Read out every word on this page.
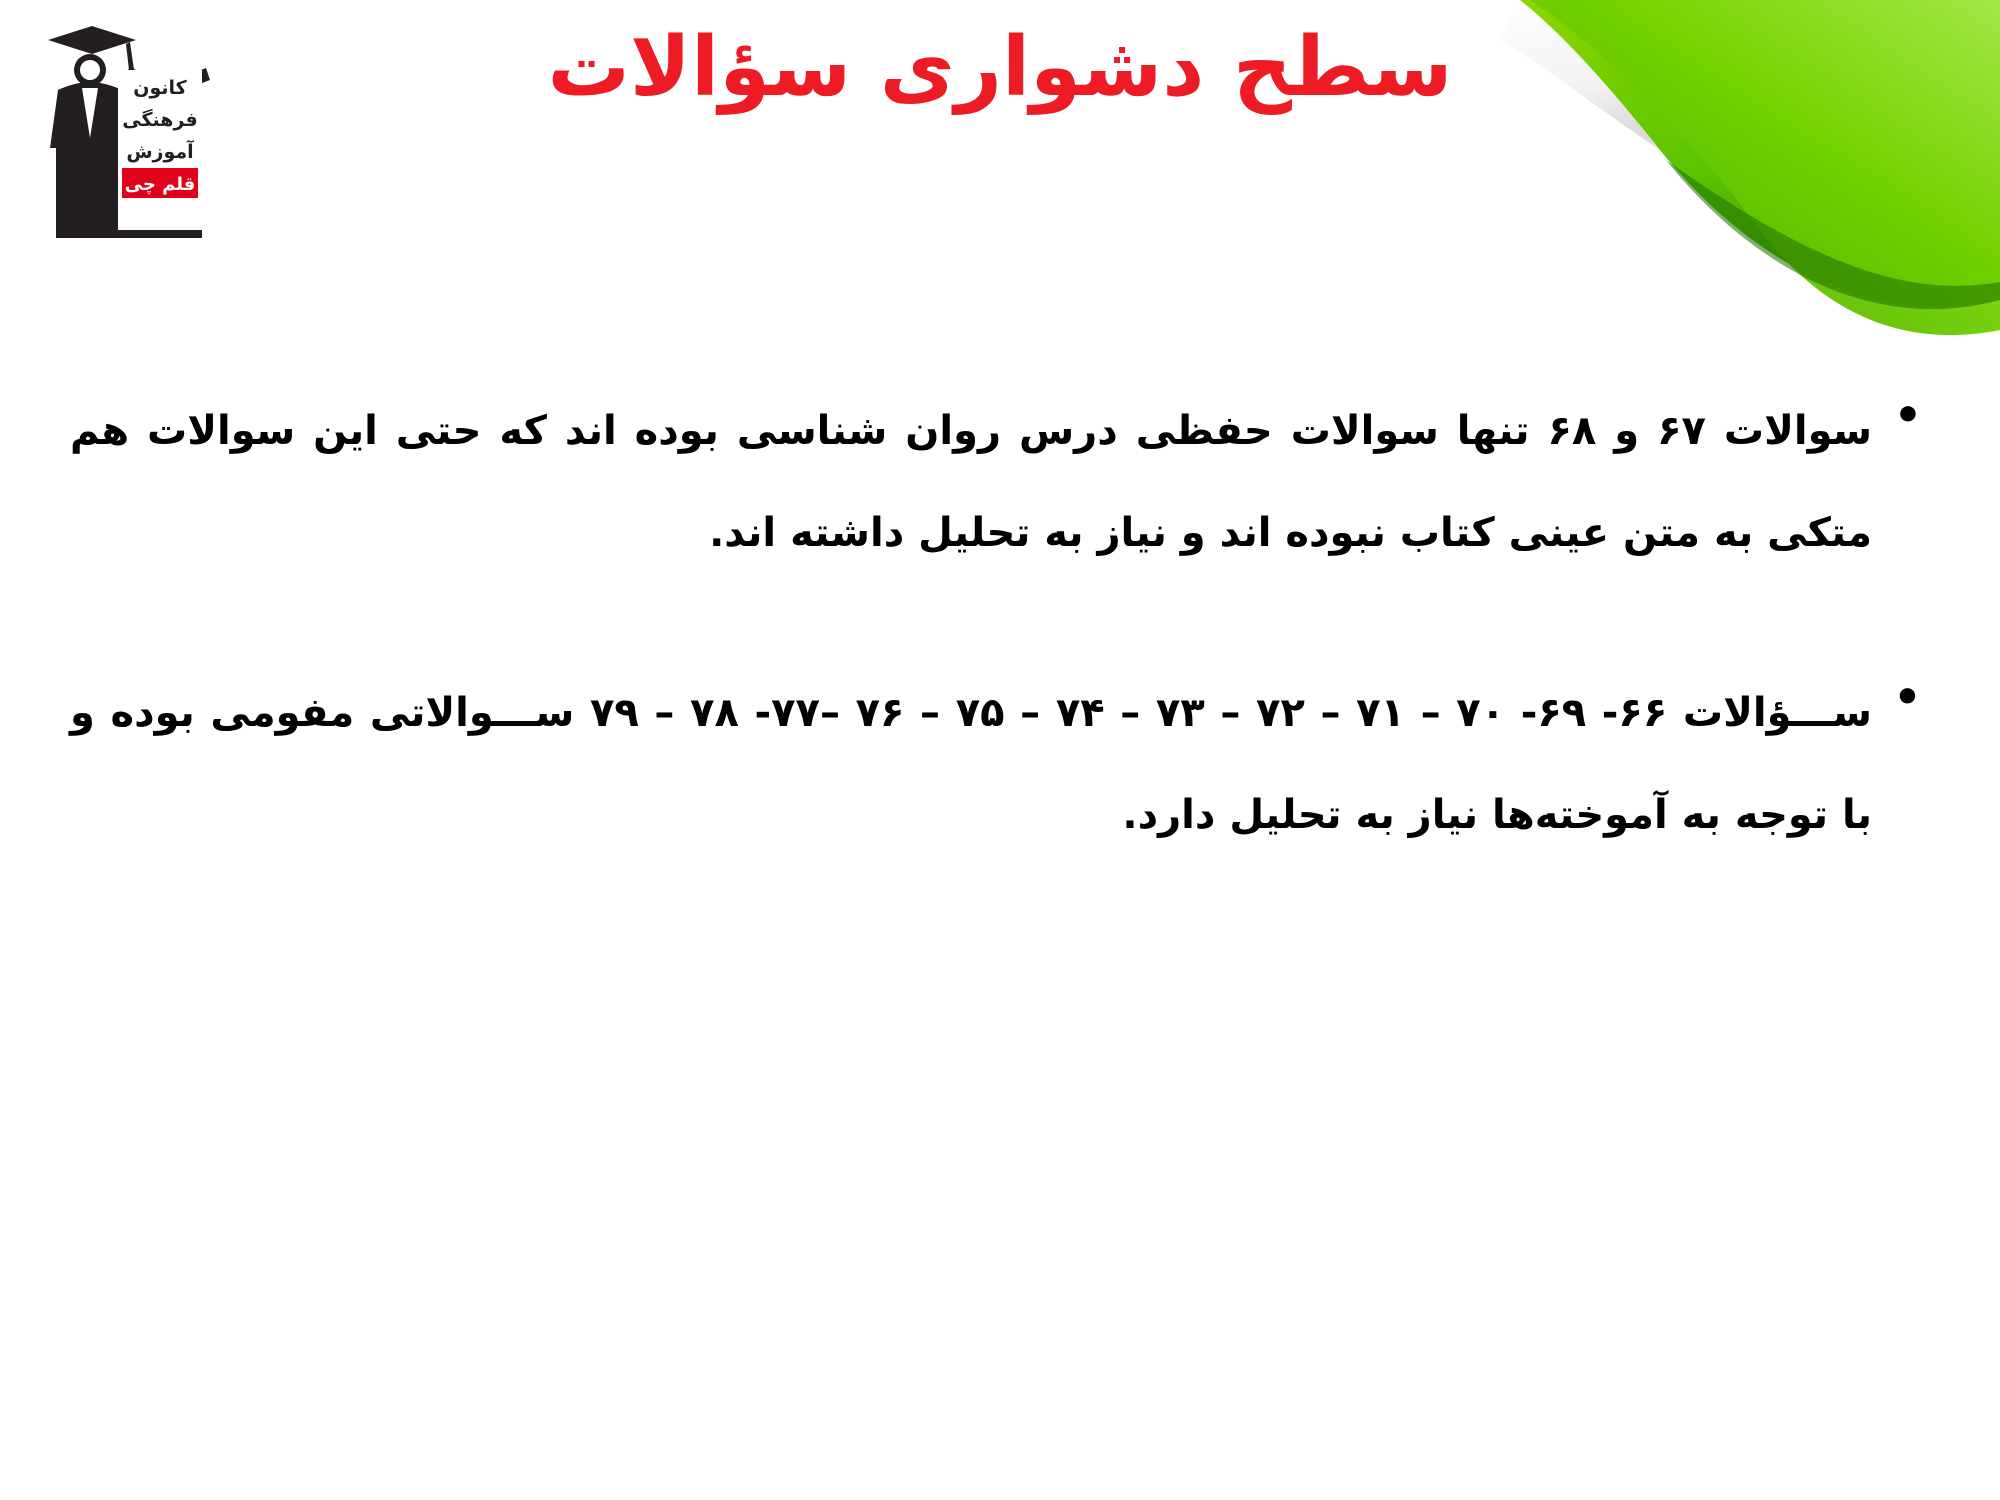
کانون
فرهنگی
آموزش
قلم چی
سطح دشواری سؤالات
• سوالات ۶۷ و ۶۸ تنها سوالات حفظی درس روان شناسی بوده اند که حتی این سوالات هم متکی به متن عینی کتاب نبوده اند و نیاز به تحلیل داشته اند.
• ســـؤالات ۶۶- ۶۹- ۷۰ – ۷۱ – ۷۲ – ۷۳ – ۷۴ – ۷۵ – ۷۶ –۷۷- ۷۸ – ۷۹ ســـوالاتی مفومی بوده و با توجه به آموخته‌ها نیاز به تحلیل دارد.
